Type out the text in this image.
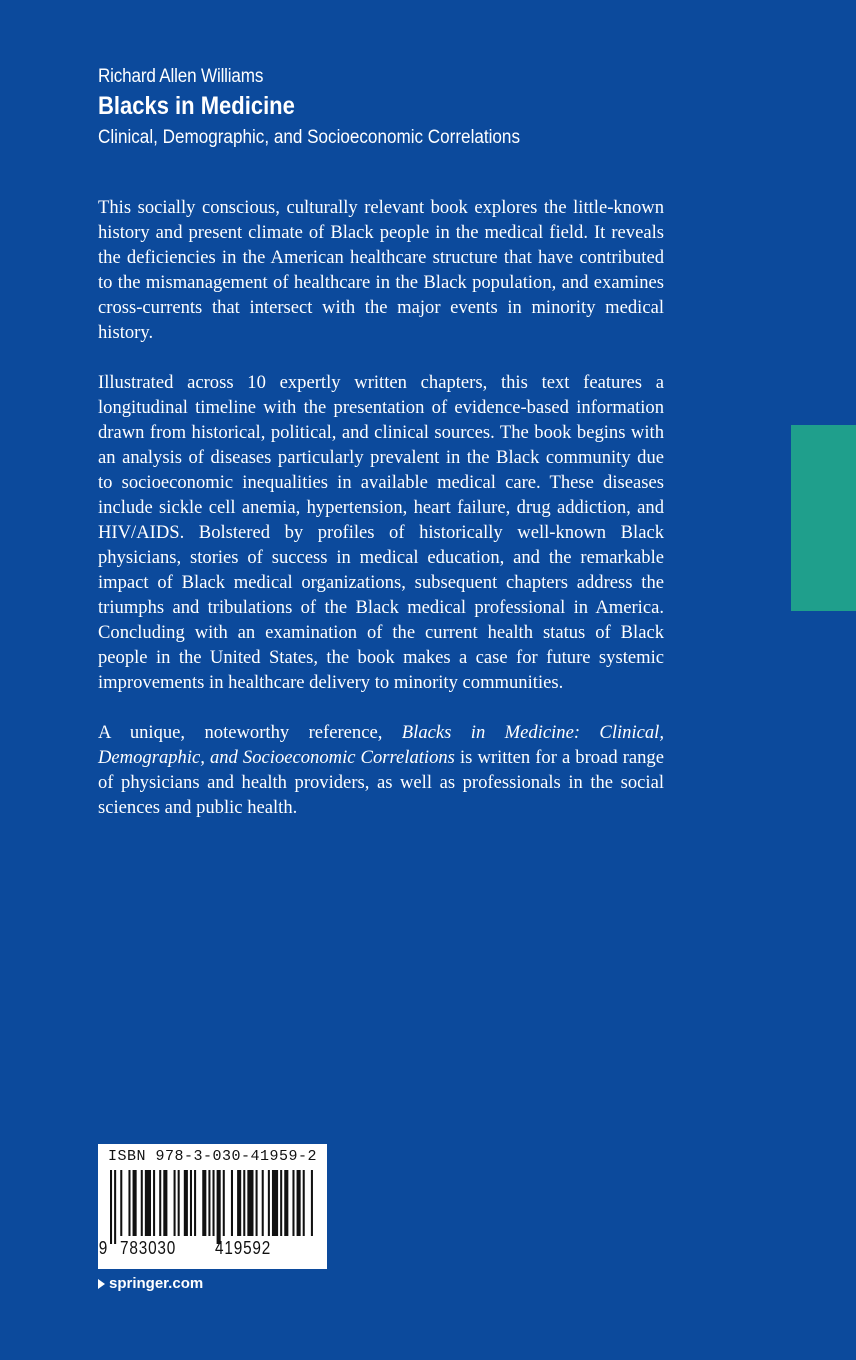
Richard Allen Williams
Blacks in Medicine
Clinical, Demographic, and Socioeconomic Correlations

This socially conscious, culturally relevant book explores the little-known history and present climate of Black people in the medical field. It reveals the deficiencies in the American healthcare structure that have contributed to the mismanagement of healthcare in the Black population, and examines cross-currents that intersect with the major events in minority medical history.

Illustrated across 10 expertly written chapters, this text features a longitudinal timeline with the presentation of evidence-based information drawn from historical, political, and clinical sources. The book begins with an analysis of diseases particularly prevalent in the Black community due to socioeconomic inequalities in available medical care. These diseases include sickle cell anemia, hypertension, heart failure, drug addiction, and HIV/AIDS. Bolstered by profiles of historically well-known Black physicians, stories of success in medical education, and the remarkable impact of Black medical organizations, subsequent chapters address the triumphs and tribulations of the Black medical professional in America. Concluding with an examination of the current health status of Black people in the United States, the book makes a case for future systemic improvements in healthcare delivery to minority communities.

A unique, noteworthy reference, Blacks in Medicine: Clinical, Demographic, and Socioeconomic Correlations is written for a broad range of physicians and health providers, as well as professionals in the social sciences and public health.

ISBN 978-3-030-41959-2
9 783030	419592
springer.com
